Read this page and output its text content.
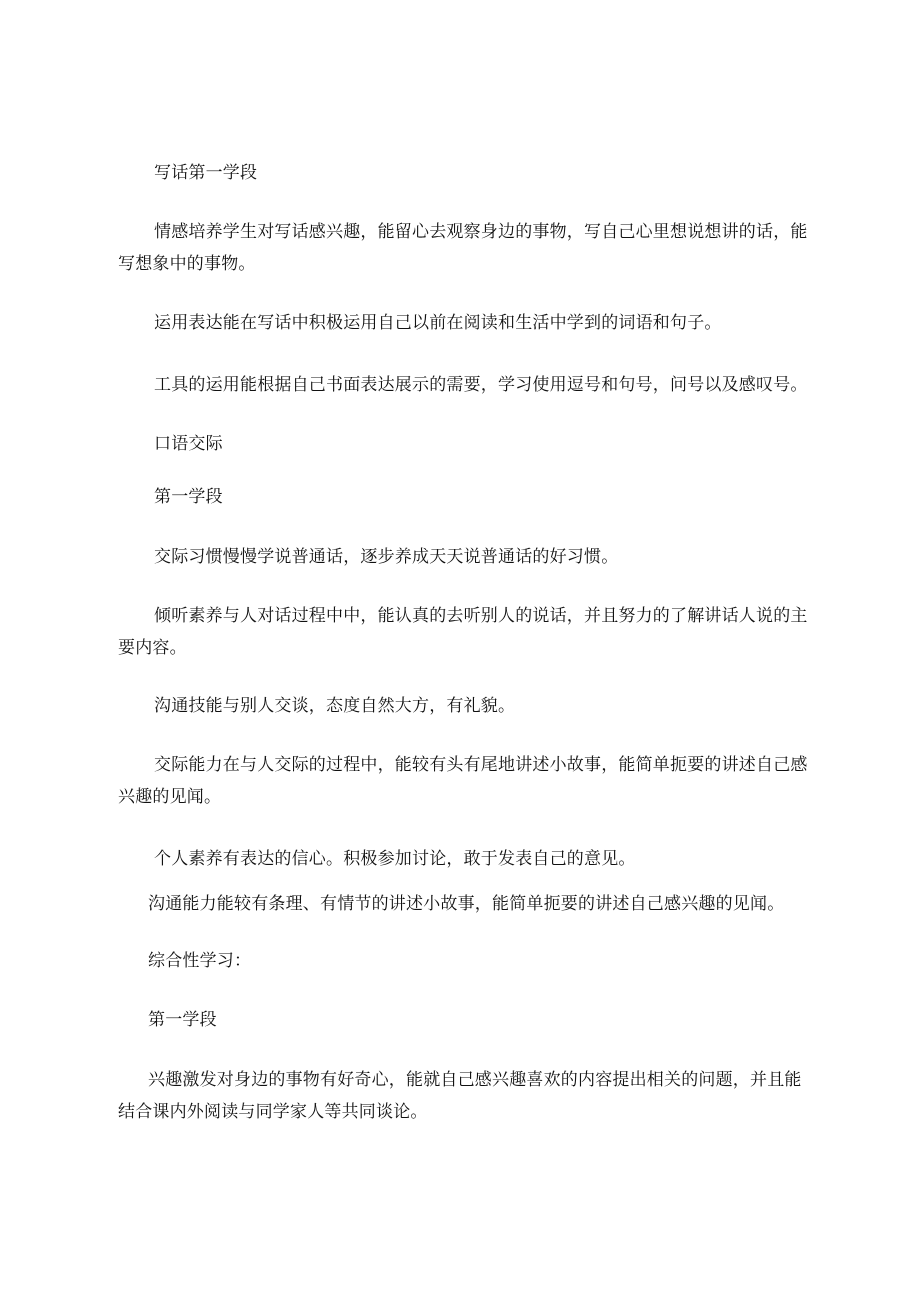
写话第一学段
情感培养学生对写话感兴趣，能留心去观察身边的事物，写自己心里想说想讲的话，能写想象中的事物。
运用表达能在写话中积极运用自己以前在阅读和生活中学到的词语和句子。
工具的运用能根据自己书面表达展示的需要，学习使用逗号和句号，问号以及感叹号。
口语交际
第一学段
交际习惯慢慢学说普通话，逐步养成天天说普通话的好习惯。
倾听素养与人对话过程中中，能认真的去听别人的说话，并且努力的了解讲话人说的主要内容。
沟通技能与别人交谈，态度自然大方，有礼貌。
交际能力在与人交际的过程中，能较有头有尾地讲述小故事，能简单扼要的讲述自己感兴趣的见闻。
个人素养有表达的信心。积极参加讨论，敢于发表自己的意见。
沟通能力能较有条理、有情节的讲述小故事，能简单扼要的讲述自己感兴趣的见闻。
综合性学习：
第一学段
兴趣激发对身边的事物有好奇心，能就自己感兴趣喜欢的内容提出相关的问题，并且能结合课内外阅读与同学家人等共同谈论。
